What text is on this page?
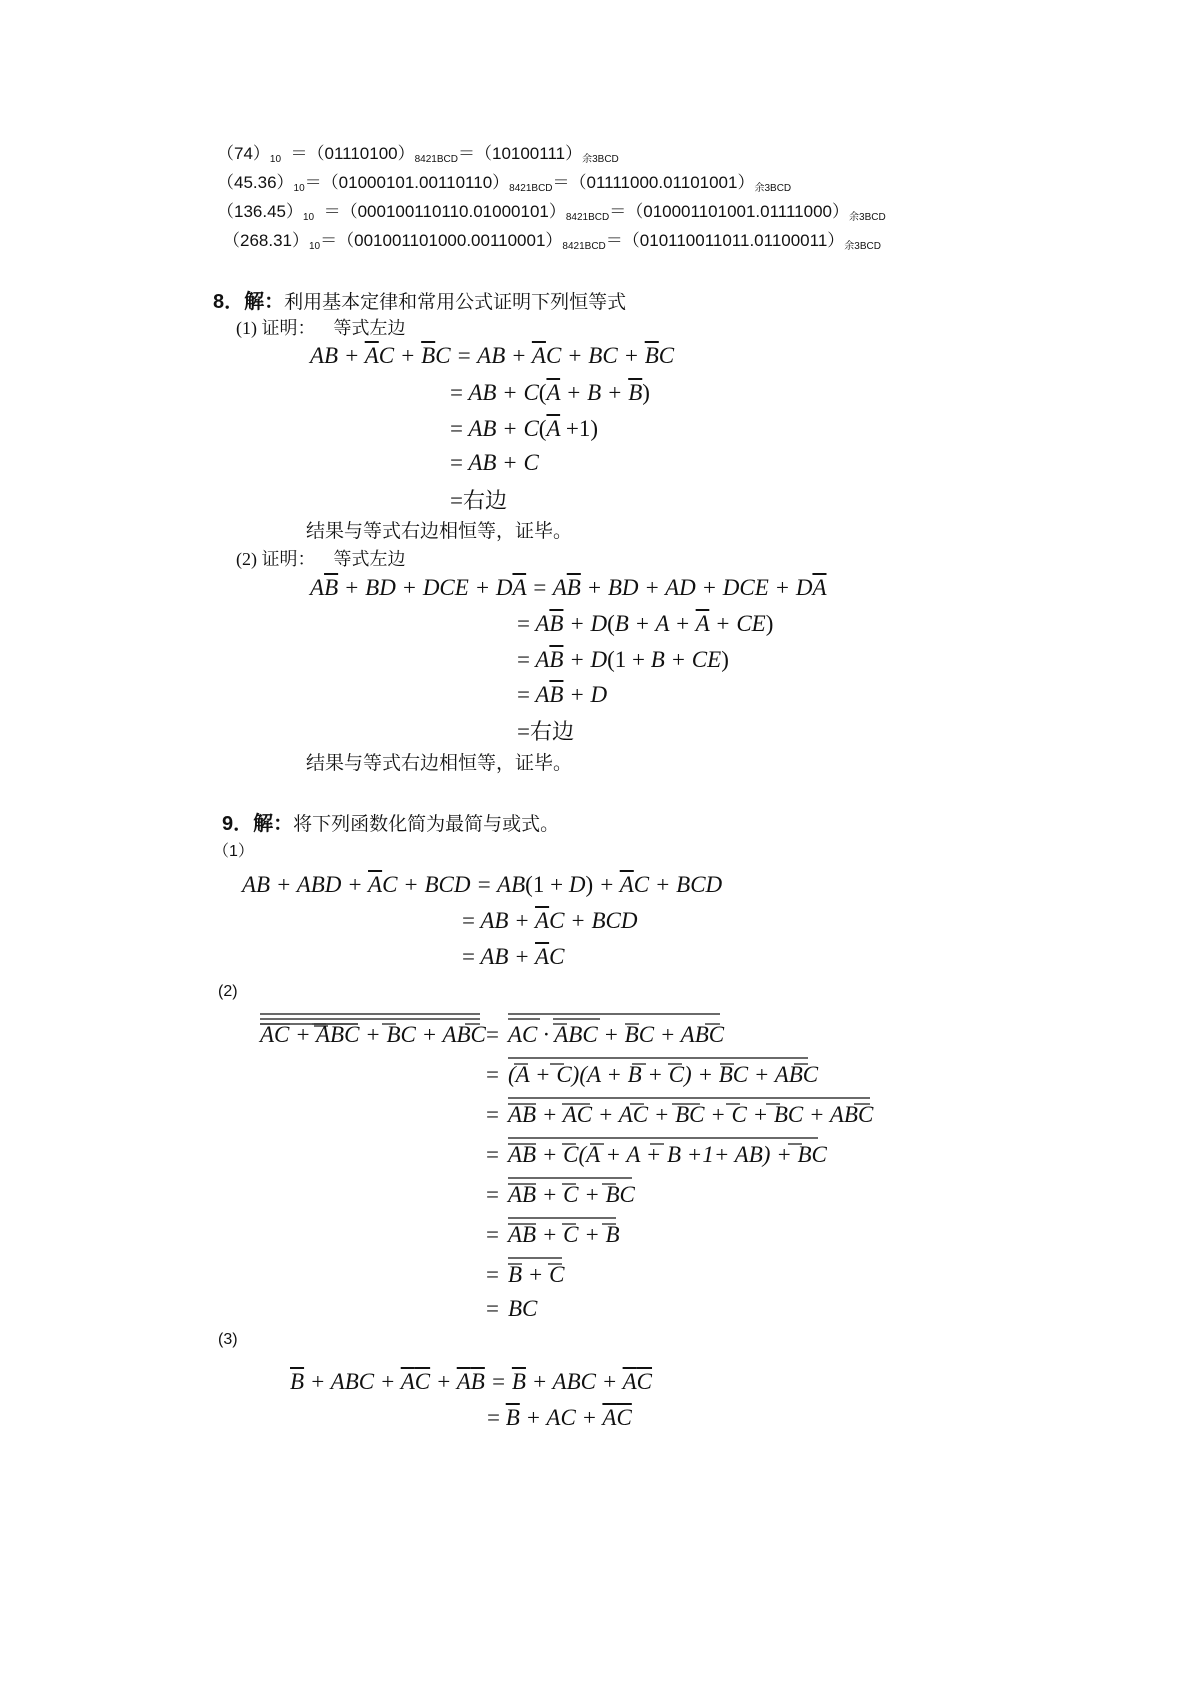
$(74)_{10} =(01110100)_{8421BCD}=(10100111)_{余3BCD}$
$(45.36)_{10}=(01000101.00110110)_{8421BCD}=(01111000.01101001)_{余3BCD}$
$(136.45)_{10} =(000100110110.01000101)_{8421BCD}=(010001101001.01111000)_{余3BCD}$
$(268.31)_{10}=(001001101000.00110001)_{8421BCD}=(010110011011.01100011)_{余3BCD}$
8．解：利用基本定律和常用公式证明下列恒等式
(1) 证明： 等式左边
AB + $\overline{A}C + \overline{B}C$ = AB + $\overline{A}C$ + BC + $\overline{B}C$
= AB + $C(\overline{A} + B + \overline{B})$
= AB + $C(\overline{A} +1)$
= AB + C
=右边
结果与等式右边相恒等，证毕。
(2) 证明： 等式左边
$A\overline{B}$ + BD + DCE + $D\overline{A} = A\overline{B}$ + BD + AD + DCE + $D\overline{A}$
= $A\overline{B} + D(B + A + \overline{A} + CE)$
= $A\overline{B} + D(1 + B + CE)$
= $A\overline{B} + D$
=右边
结果与等式右边相恒等，证毕。
9．解：将下列函数化简为最简与或式。
（1）
AB + ABD + $\overline{A}C$ + BCD = $AB(1 + D) + \overline{A}C$ + BCD
= AB + $\overline{A}C$ + BCD
= AB + $\overline{A}C$
(2)
AC + ABC + BC + ABC = AC · ABC + BC + ABC
= (A + C)(A + B + C) + BC + ABC
= AB + AC + AC + BC + C + BC + ABC
= AB + C(A + A + B +1+ AB) + BC
= AB + C + BC
= AB + C + B
= B + C
= BC
(3)
$\overline{B}$ + ABC + $\overline{A}\overline{C} + \overline{A}\overline{B} = \overline{B}$ + ABC + $\overline{A}\overline{C}$
= $\overline{B}$ + AC + $\overline{A}\overline{C}$
